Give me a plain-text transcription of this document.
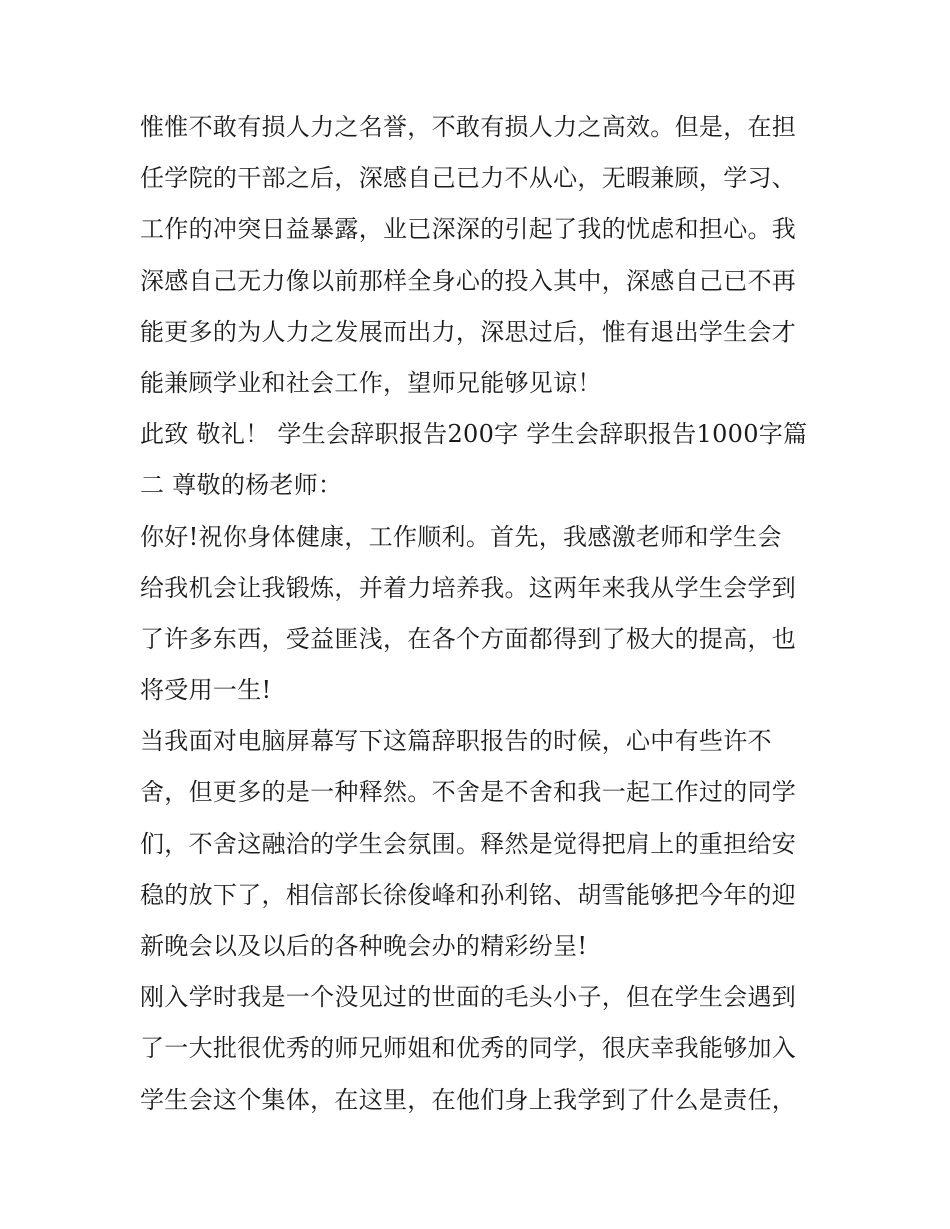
惟惟不敢有损人力之名誉，不敢有损人力之高效。但是，在担
任学院的干部之后，深感自己已力不从心，无暇兼顾，学习、
工作的冲突日益暴露，业已深深的引起了我的忧虑和担心。我
深感自己无力像以前那样全身心的投入其中，深感自己已不再
能更多的为人力之发展而出力，深思过后，惟有退出学生会才
能兼顾学业和社会工作，望师兄能够见谅！
此致 敬礼！ 学生会辞职报告200字 学生会辞职报告1000字篇
二 尊敬的杨老师：
你好!祝你身体健康，工作顺利。首先，我感激老师和学生会
给我机会让我锻炼，并着力培养我。这两年来我从学生会学到
了许多东西，受益匪浅，在各个方面都得到了极大的提高，也
将受用一生!
当我面对电脑屏幕写下这篇辞职报告的时候，心中有些许不
舍，但更多的是一种释然。不舍是不舍和我一起工作过的同学
们，不舍这融洽的学生会氛围。释然是觉得把肩上的重担给安
稳的放下了，相信部长徐俊峰和孙利铭、胡雪能够把今年的迎
新晚会以及以后的各种晚会办的精彩纷呈!
刚入学时我是一个没见过的世面的毛头小子，但在学生会遇到
了一大批很优秀的师兄师姐和优秀的同学，很庆幸我能够加入
学生会这个集体，在这里，在他们身上我学到了什么是责任，
